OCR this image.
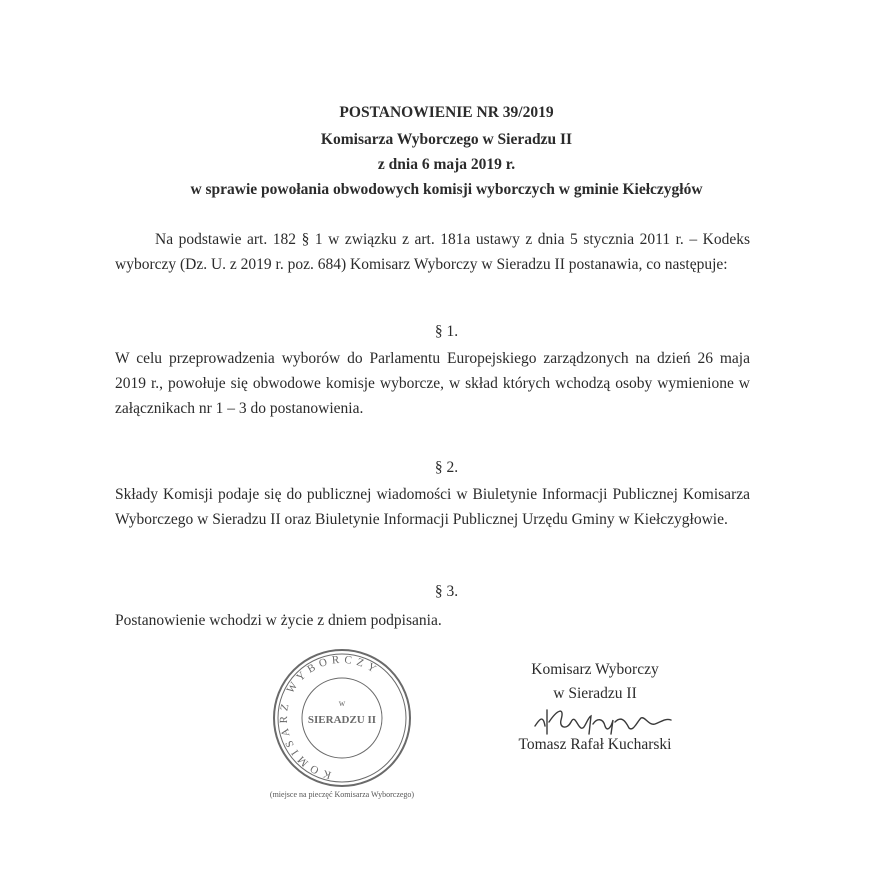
POSTANOWIENIE NR 39/2019
Komisarza Wyborczego w Sieradzu II
z dnia 6 maja 2019 r.
w sprawie powołania obwodowych komisji wyborczych w gminie Kiełczygłów
Na podstawie art. 182 § 1 w związku z art. 181a ustawy z dnia 5 stycznia 2011 r. – Kodeks wyborczy (Dz. U. z 2019 r. poz. 684) Komisarz Wyborczy w Sieradzu II postanawia, co następuje:
§ 1.
W celu przeprowadzenia wyborów do Parlamentu Europejskiego zarządzonych na dzień 26 maja 2019 r., powołuje się obwodowe komisje wyborcze, w skład których wchodzą osoby wymienione w załącznikach nr 1 – 3 do postanowienia.
§ 2.
Składy Komisji podaje się do publicznej wiadomości w Biuletynie Informacji Publicznej Komisarza Wyborczego w Sieradzu II oraz Biuletynie Informacji Publicznej Urzędu Gminy w Kiełczygłowie.
§ 3.
Postanowienie wchodzi w życie z dniem podpisania.
KOMISARZ WYBORCZY
w
SIERADZU II
(miejsce na pieczęć Komisarza Wyborczego)
Komisarz Wyborczy
w Sieradzu II
Tomasz Rafał Kucharski
